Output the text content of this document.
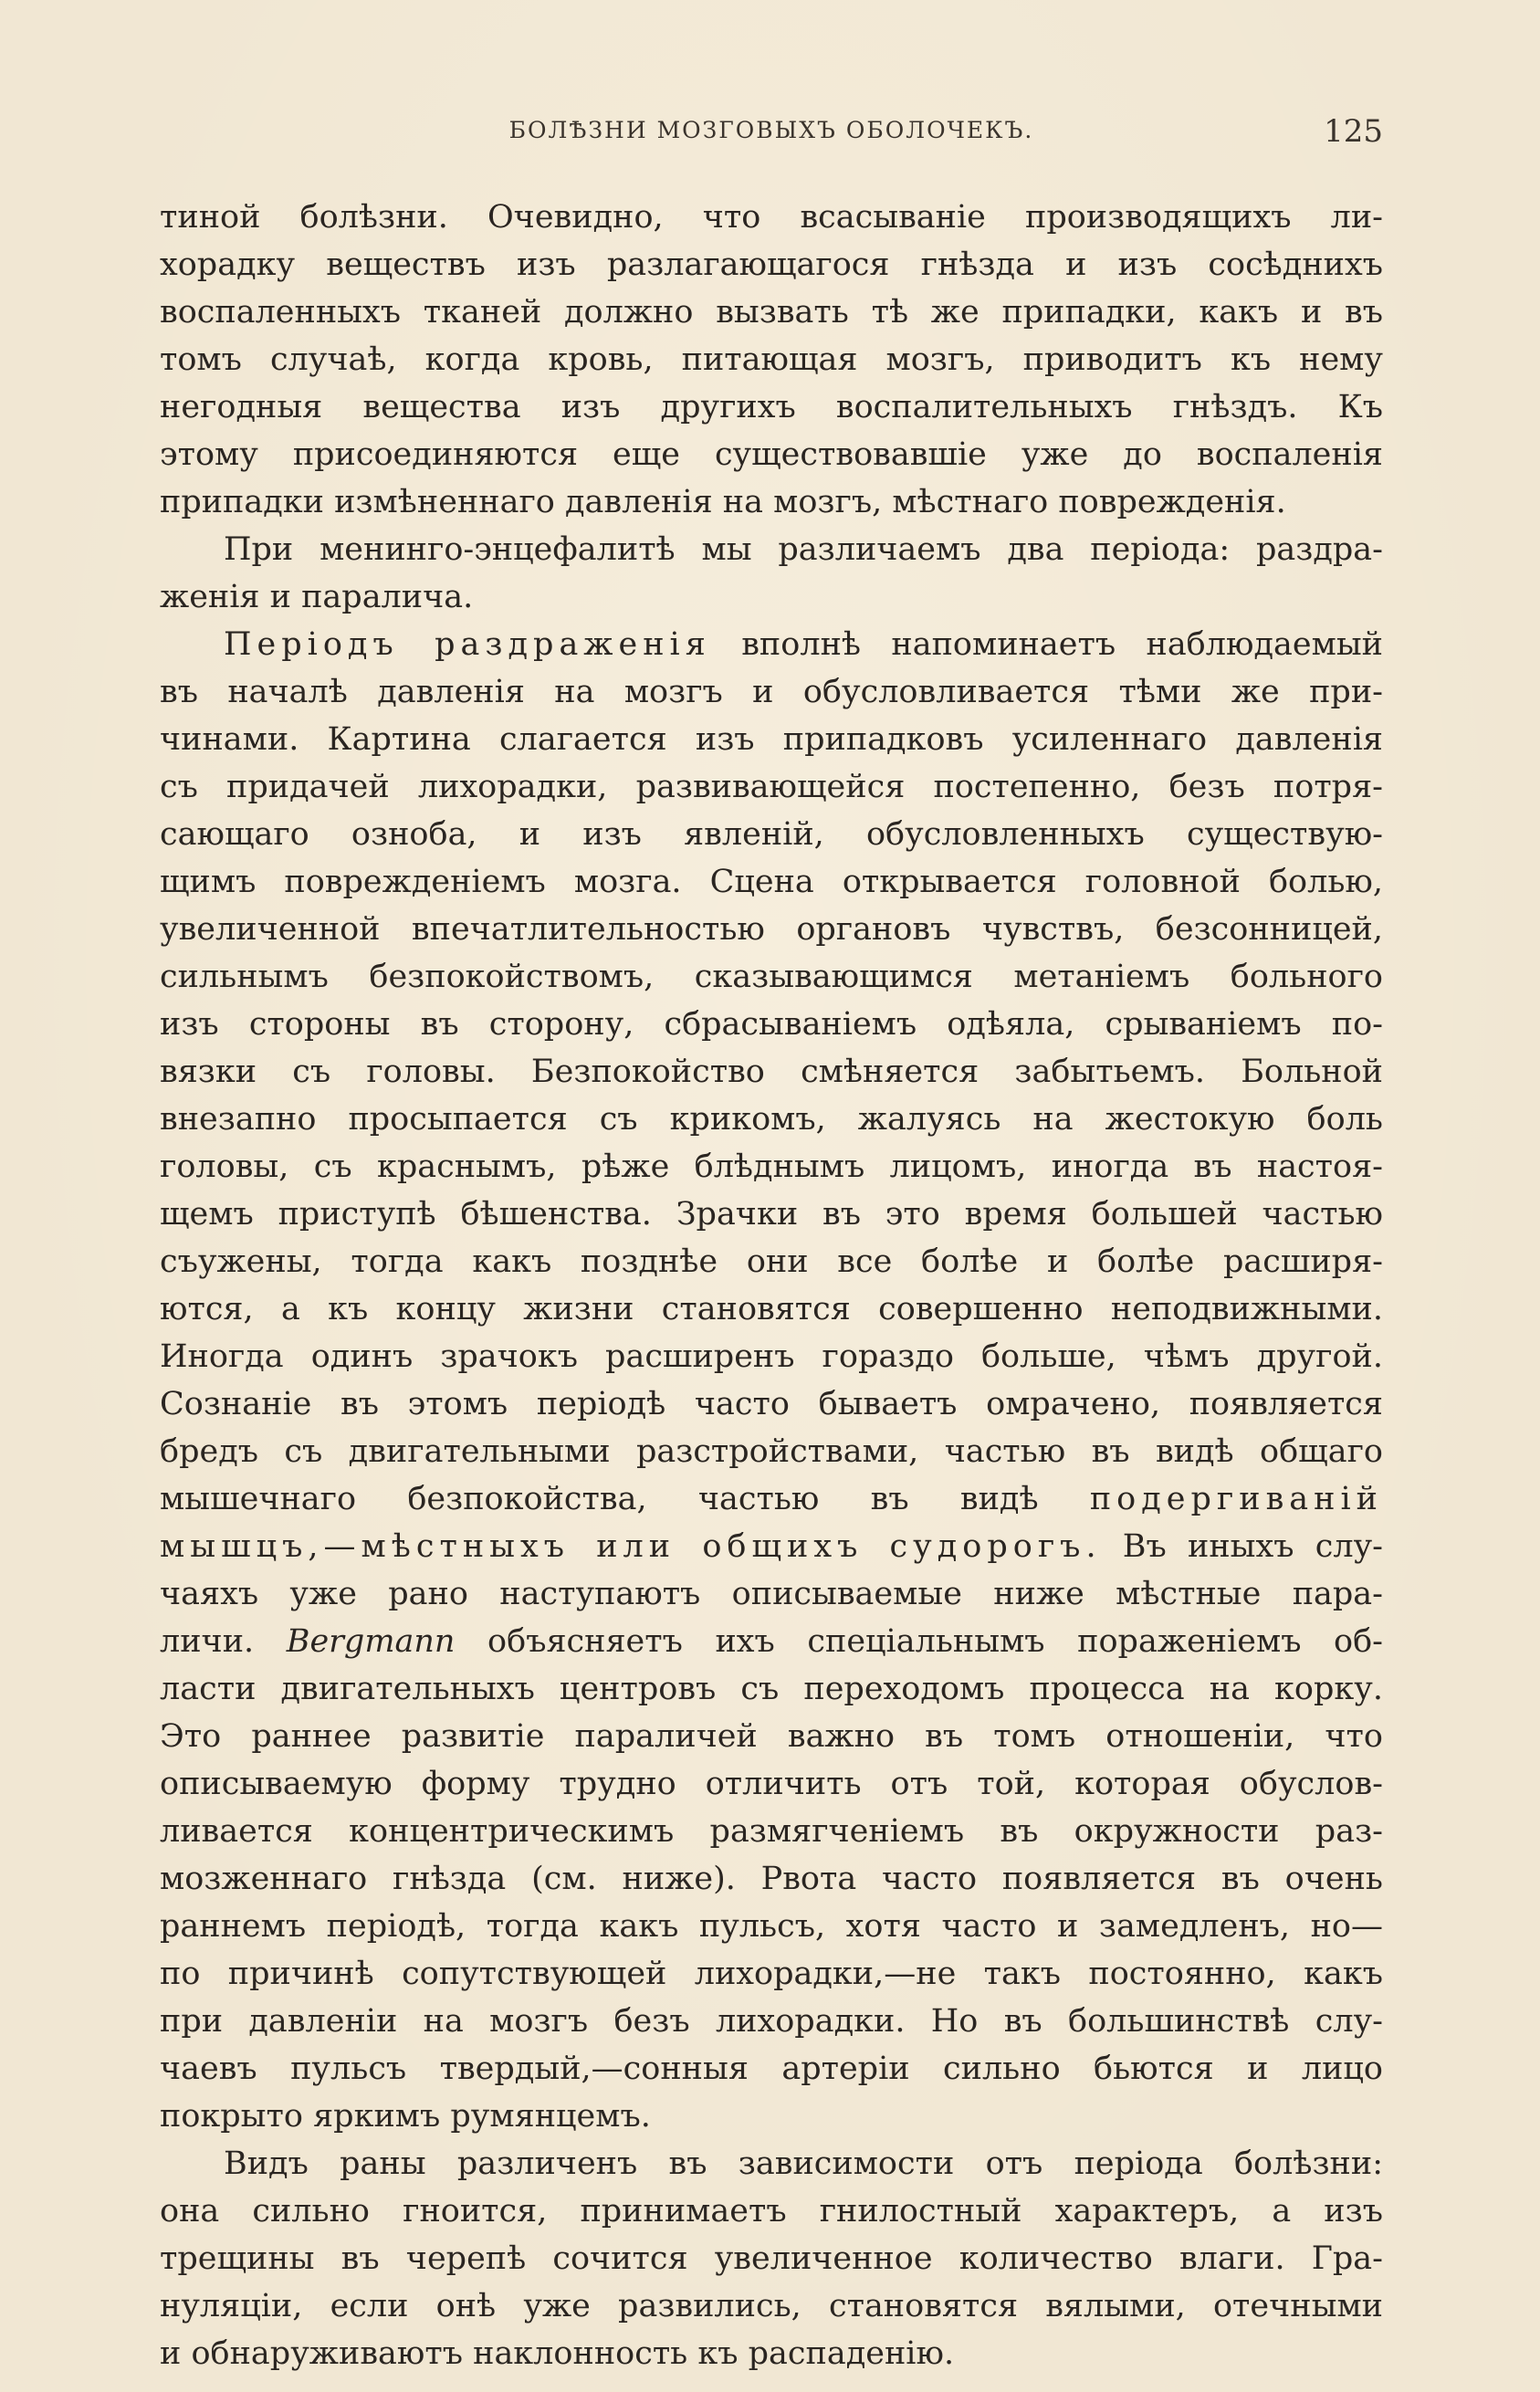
БОЛѢЗНИ МОЗГОВЫХЪ ОБОЛОЧЕКЪ.	125
тиной болѣзни. Очевидно, что всасываніе производящихъ ли-
хорадку веществъ изъ разлагающагося гнѣзда и изъ сосѣднихъ
воспаленныхъ тканей должно вызвать тѣ же припадки, какъ и въ
томъ случаѣ, когда кровь, питающая мозгъ, приводитъ къ нему
негодныя вещества изъ другихъ воспалительныхъ гнѣздъ. Къ
этому присоединяются еще существовавшіе уже до воспаленія
припадки измѣненнаго давленія на мозгъ, мѣстнаго поврежденія.
При менинго-энцефалитѣ мы различаемъ два періода: раздра-
женія и паралича.
Періодъ раздраженія вполнѣ напоминаетъ наблюдаемый
въ началѣ давленія на мозгъ и обусловливается тѣми же при-
чинами. Картина слагается изъ припадковъ усиленнаго давленія
съ придачей лихорадки, развивающейся постепенно, безъ потря-
сающаго озноба, и изъ явленій, обусловленныхъ существую-
щимъ поврежденіемъ мозга. Сцена открывается головной болью,
увеличенной впечатлительностью органовъ чувствъ, безсонницей,
сильнымъ безпокойствомъ, сказывающимся метаніемъ больного
изъ стороны въ сторону, сбрасываніемъ одѣяла, срываніемъ по-
вязки съ головы. Безпокойство смѣняется забытьемъ. Больной
внезапно просыпается съ крикомъ, жалуясь на жестокую боль
головы, съ краснымъ, рѣже блѣднымъ лицомъ, иногда въ настоя-
щемъ приступѣ бѣшенства. Зрачки въ это время большей частью
съужены, тогда какъ позднѣе они все болѣе и болѣе расширя-
ются, а къ концу жизни становятся совершенно неподвижными.
Иногда одинъ зрачокъ расширенъ гораздо больше, чѣмъ другой.
Сознаніе въ этомъ періодѣ часто бываетъ омрачено, появляется
бредъ съ двигательными разстройствами, частью въ видѣ общаго
мышечнаго безпокойства, частью въ видѣ подергиваній
мышцъ,—мѣстныхъ или общихъ судорогъ. Въ иныхъ слу-
чаяхъ уже рано наступаютъ описываемые ниже мѣстные пара-
личи. Bergmann объясняетъ ихъ спеціальнымъ пораженіемъ об-
ласти двигательныхъ центровъ съ переходомъ процесса на корку.
Это раннее развитіе параличей важно въ томъ отношеніи, что
описываемую форму трудно отличить отъ той, которая обуслов-
ливается концентрическимъ размягченіемъ въ окружности раз-
мозженнаго гнѣзда (см. ниже). Рвота часто появляется въ очень
раннемъ періодѣ, тогда какъ пульсъ, хотя часто и замедленъ, но—
по причинѣ сопутствующей лихорадки,—не такъ постоянно, какъ
при давленіи на мозгъ безъ лихорадки. Но въ большинствѣ слу-
чаевъ пульсъ твердый,—сонныя артеріи сильно бьются и лицо
покрыто яркимъ румянцемъ.
Видъ раны различенъ въ зависимости отъ періода болѣзни:
она сильно гноится, принимаетъ гнилостный характеръ, а изъ
трещины въ черепѣ сочится увеличенное количество влаги. Гра-
нуляціи, если онѣ уже развились, становятся вялыми, отечными
и обнаруживаютъ наклонность къ распаденію.
